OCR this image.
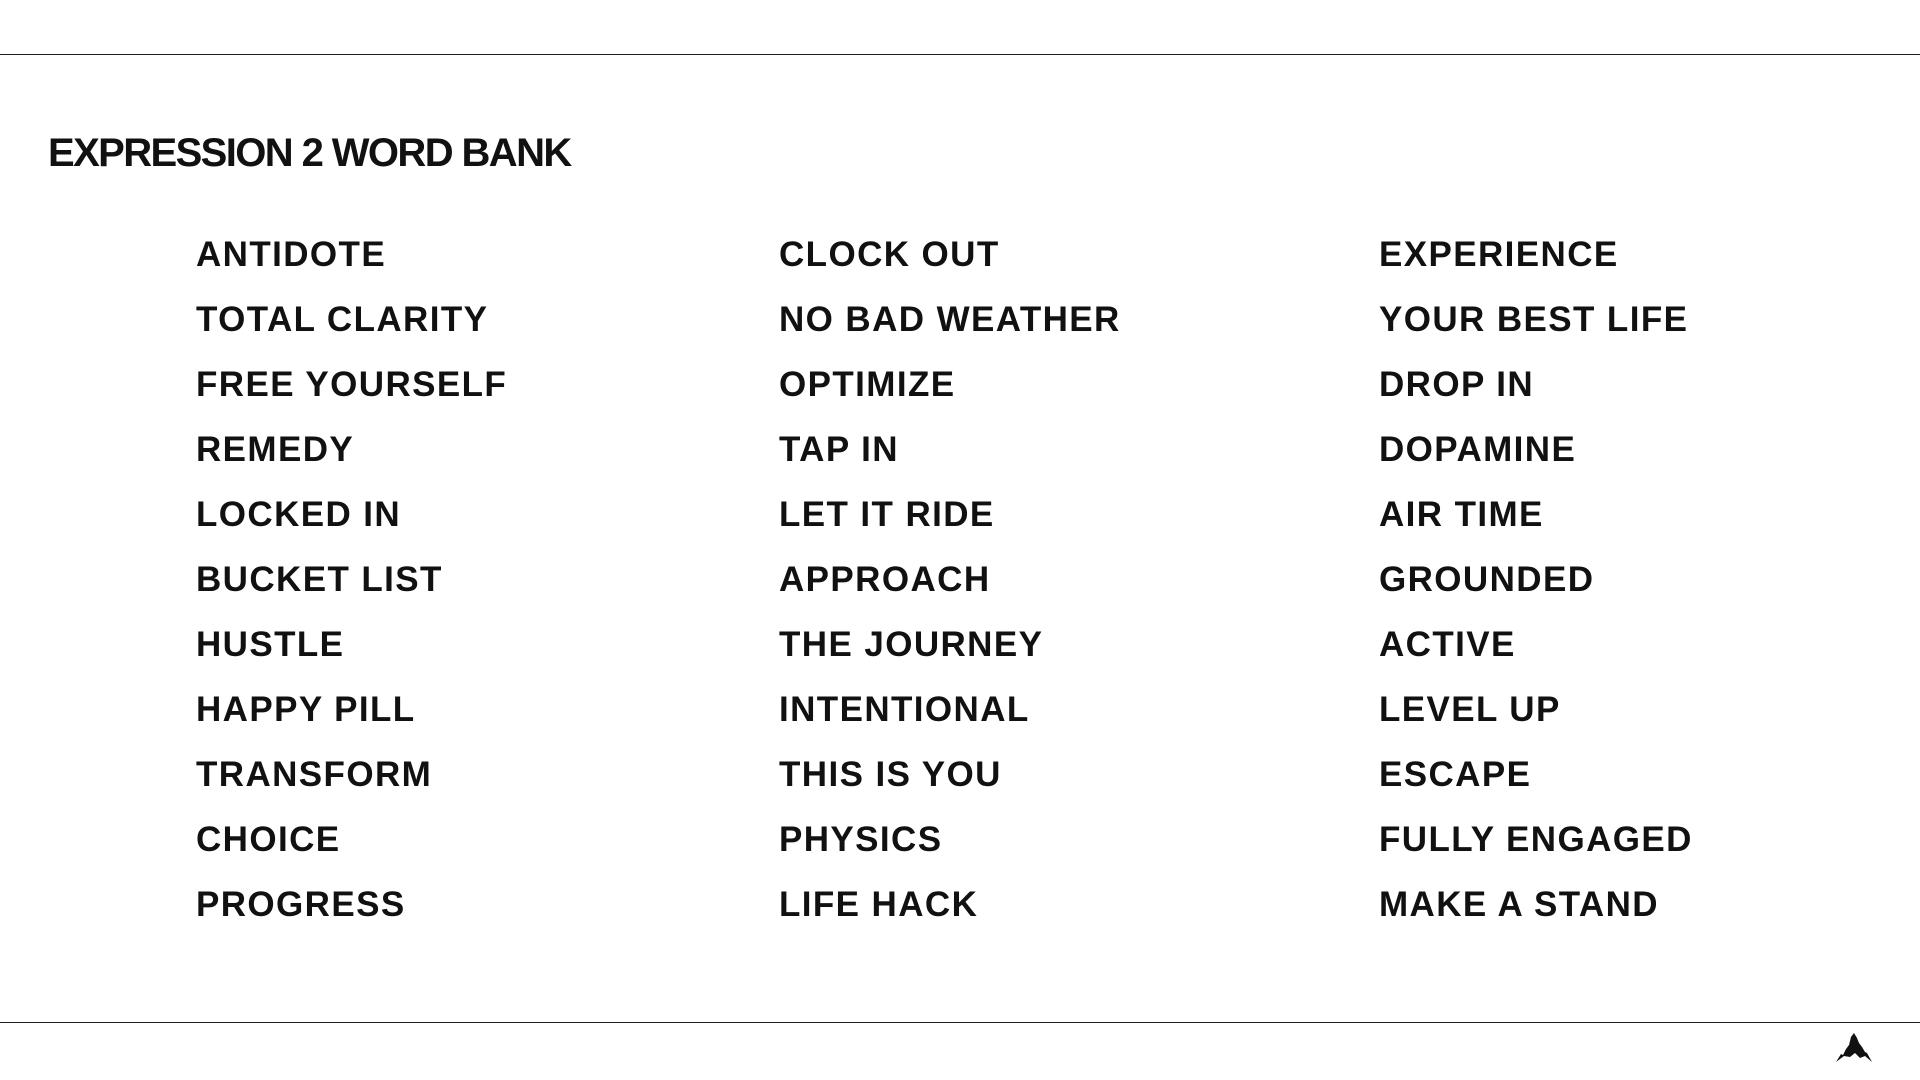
EXPRESSION 2 WORD BANK
ANTIDOTE
TOTAL CLARITY
FREE YOURSELF
REMEDY
LOCKED IN
BUCKET LIST
HUSTLE
HAPPY PILL
TRANSFORM
CHOICE
PROGRESS
CLOCK OUT
NO BAD WEATHER
OPTIMIZE
TAP IN
LET IT RIDE
APPROACH
THE JOURNEY
INTENTIONAL
THIS IS YOU
PHYSICS
LIFE HACK
EXPERIENCE
YOUR BEST LIFE
DROP IN
DOPAMINE
AIR TIME
GROUNDED
ACTIVE
LEVEL UP
ESCAPE
FULLY ENGAGED
MAKE A STAND
